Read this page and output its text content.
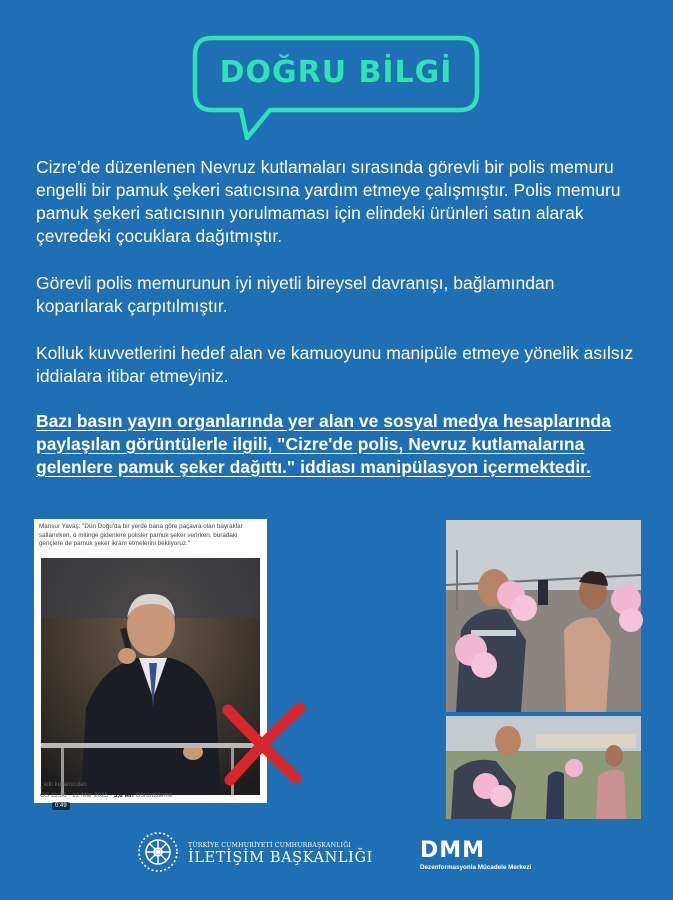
DOĞRU BİLGİ

Cizre’de düzenlenen Nevruz kutlamaları sırasında görevli bir polis memuru engelli bir pamuk şekeri satıcısına yardım etmeye çalışmıştır. Polis memuru pamuk şekeri satıcısının yorulmaması için elindeki ürünleri satın alarak çevredeki çocuklara dağıtmıştır.

Görevli polis memurunun iyi niyetli bireysel davranışı, bağlamından koparılarak çarpıtılmıştır.

Kolluk kuvvetlerini hedef alan ve kamuoyunu manipüle etmeye yönelik asılsız iddialara itibar etmeyiniz.

Bazı basın yayın organlarında yer alan ve sosyal medya hesaplarında paylaşılan görüntülerle ilgili, "Cizre'de polis, Nevruz kutlamalarına gelenlere pamuk şeker dağıttı." iddiası manipülasyon içermektedir.

Mansur Yavaş: "Dün Doğu'da bir yerde bana göre paçavra olan bayraklar sallanırken, o mitinge gidenlere polisler pamuk şeker verirken, buradaki gençlere de pamuk şeker ikram etmelerini bekliyoruz."

0:49
_adlı kullanıcıdan
ÖS 11:56 · 22 Mar 2025 · 3,8 Mn Görüntüleme
TÜRKİYE CUMHURİYETİ CUMHURBAŞKANLIĞI
İLETİŞİM BAŞKANLIĞI DMM
Dezenformasyonla Mücadele Merkezi
